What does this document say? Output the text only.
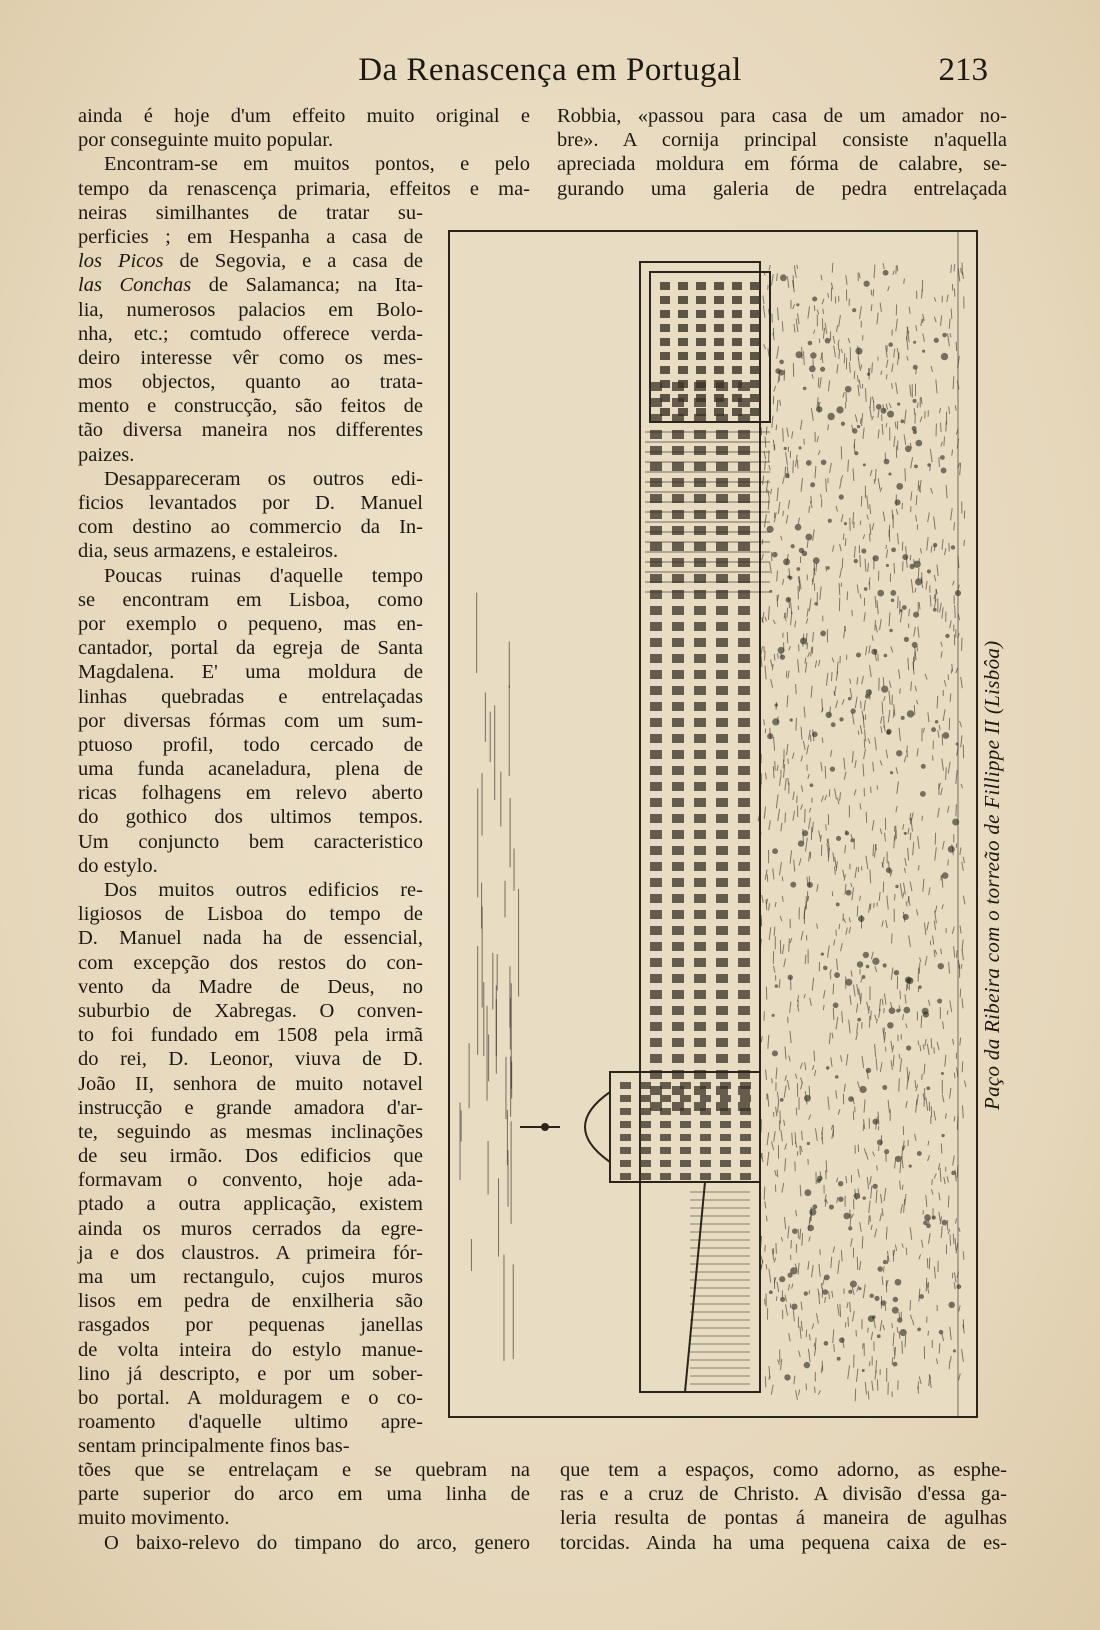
Da Renascença em Portugal	213
ainda é hoje d'um effeito muito original e
por conseguinte muito popular.
Encontram-se em muitos pontos, e pelo
tempo da renascença primaria, effeitos e ma-
neiras similhantes de tratar su-
perficies ; em Hespanha a casa de
los Picos de Segovia, e a casa de
las Conchas de Salamanca; na Ita-
lia, numerosos palacios em Bolo-
nha, etc.; comtudo offerece verda-
deiro interesse vêr como os mes-
mos objectos, quanto ao trata-
mento e construcção, são feitos de
tão diversa maneira nos differentes
paizes.
Desappareceram os outros edi-
ficios levantados por D. Manuel
com destino ao commercio da In-
dia, seus armazens, e estaleiros.
Poucas ruinas d'aquelle tempo
se encontram em Lisboa, como
por exemplo o pequeno, mas en-
cantador, portal da egreja de Santa
Magdalena. E' uma moldura de
linhas quebradas e entrelaçadas
por diversas fórmas com um sum-
ptuoso profil, todo cercado de
uma funda acaneladura, plena de
ricas folhagens em relevo aberto
do gothico dos ultimos tempos.
Um conjuncto bem caracteristico
do estylo.
Dos muitos outros edificios re-
ligiosos de Lisboa do tempo de
D. Manuel nada ha de essencial,
com excepção dos restos do con-
vento da Madre de Deus, no
suburbio de Xabregas. O conven-
to foi fundado em 1508 pela irmã
do rei, D. Leonor, viuva de D.
João II, senhora de muito notavel
instrucção e grande amadora d'ar-
te, seguindo as mesmas inclinações
de seu irmão. Dos edificios que
formavam o convento, hoje ada-
ptado a outra applicação, existem
ainda os muros cerrados da egre-
ja e dos claustros. A primeira fór-
ma um rectangulo, cujos muros
lisos em pedra de enxilheria são
rasgados por pequenas janellas
de volta inteira do estylo manue-
lino já descripto, e por um sober-
bo portal. A molduragem e o co-
roamento d'aquelle ultimo apre-
sentam principalmente finos bas-
Robbia, «passou para casa de um amador no-
bre». A cornija principal consiste n'aquella
apreciada moldura em fórma de calabre, se-
gurando uma galeria de pedra entrelaçada
tões que se entrelaçam e se quebram na
parte superior do arco em uma linha de
muito movimento.
O baixo-relevo do timpano do arco, genero
que tem a espaços, como adorno, as esphe-
ras e a cruz de Christo. A divisão d'essa ga-
leria resulta de pontas á maneira de agulhas
torcidas. Ainda ha uma pequena caixa de es-
Paço da Ribeira com o torreão de Fillippe II (Lisbôa)
